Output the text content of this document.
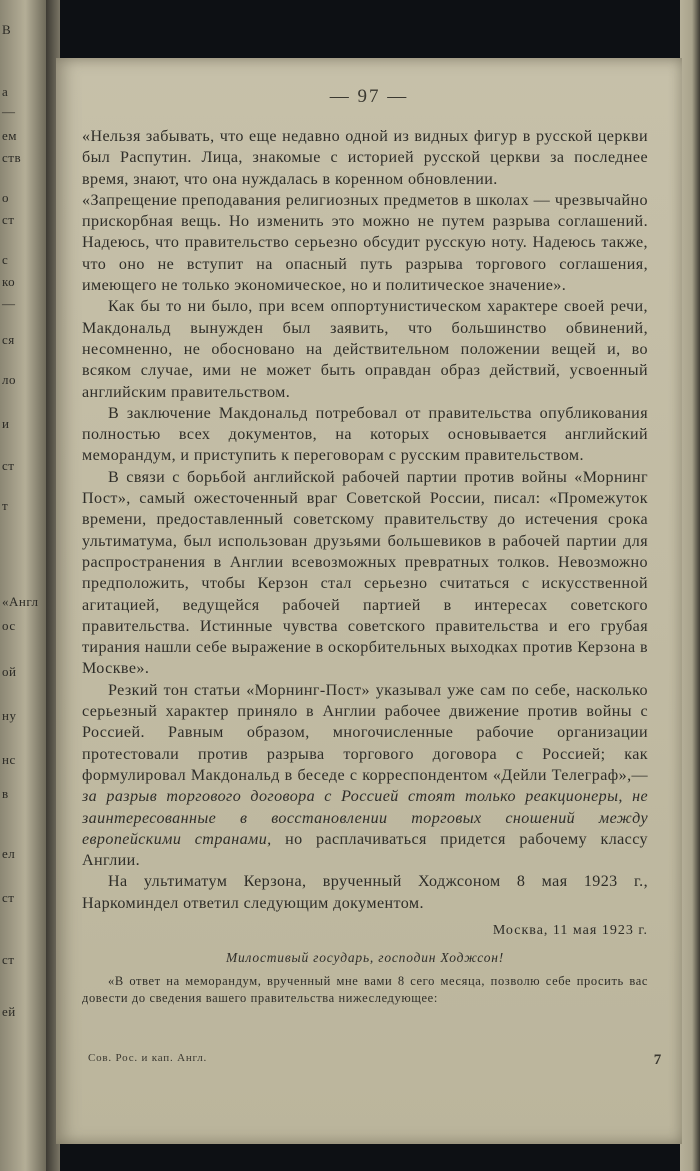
В
а
—
ем
ств
о
ст
с
ко
—
ся
ло
и
ст
т
«Англ
ос
ой
ну
нс
в
ел
ст
ст
ей
— 97 —

«Нельзя забывать, что еще недавно одной из видных фигур в русской церкви был Распутин. Лица, знакомые с историей русской церкви за последнее время, знают, что она нуждалась в коренном обновлении.

«Запрещение преподавания религиозных предметов в школах — чрезвычайно прискорбная вещь. Но изменить это можно не путем разрыва соглашений. Надеюсь, что правительство серьезно обсудит русскую ноту. Надеюсь также, что оно не вступит на опасный путь разрыва торгового соглашения, имеющего не только экономическое, но и политическое значение».

Как бы то ни было, при всем оппортунистическом характере своей речи, Макдональд вынужден был заявить, что большинство обвинений, несомненно, не обосновано на действительном положении вещей и, во всяком случае, ими не может быть оправдан образ действий, усвоенный английским правительством.

В заключение Макдональд потребовал от правительства опубликования полностью всех документов, на которых основывается английский меморандум, и приступить к переговорам с русским правительством.

В связи с борьбой английской рабочей партии против войны «Морнинг Пост», самый ожесточенный враг Советской России, писал: «Промежуток времени, предоставленный советскому правительству до истечения срока ультиматума, был использован друзьями большевиков в рабочей партии для распространения в Англии всевозможных превратных толков. Невозможно предположить, чтобы Керзон стал серьезно считаться с искусственной агитацией, ведущейся рабочей партией в интересах советского правительства. Истинные чувства советского правительства и его грубая тирания нашли себе выражение в оскорбительных выходках против Керзона в Москве».

Резкий тон статьи «Морнинг-Пост» указывал уже сам по себе, насколько серьезный характер приняло в Англии рабочее движение против войны с Россией. Равным образом, многочисленные рабочие организации протестовали против разрыва торгового договора с Россией; как формулировал Макдональд в беседе с корреспондентом «Дейли Телеграф»,—за разрыв торгового договора с Россией стоят только реакционеры, не заинтересованные в восстановлении торговых сношений между европейскими странами, но расплачиваться придется рабочему классу Англии.

На ультиматум Керзона, врученный Ходжсоном 8 мая 1923 г., Наркоминдел ответил следующим документом.

Москва, 11 мая 1923 г.
Милостивый государь, господин Ходжсон!

«В ответ на меморандум, врученный мне вами 8 сего месяца, позволю себе просить вас довести до сведения вашего правительства нижеследующее:

Сов. Рос. и кап. Англ.	7
